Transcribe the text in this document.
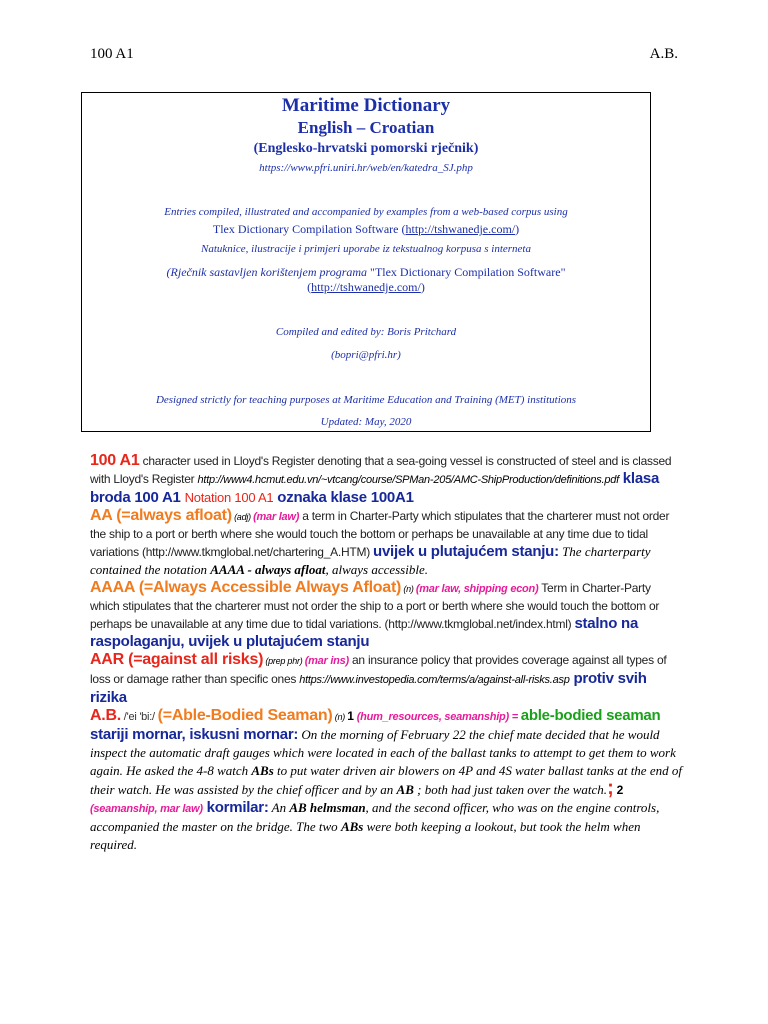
100 A1	A.B.
Maritime Dictionary
English – Croatian
(Englesko-hrvatski pomorski rječnik)
https://www.pfri.uniri.hr/web/en/katedra_SJ.php
Entries compiled, illustrated and accompanied by examples from a web-based corpus using
Tlex Dictionary Compilation Software (http://tshwanedje.com/)
Natuknice, ilustracije i primjeri uporabe iz tekstualnog korpusa s interneta
(Rječnik sastavljen korištenjem programa "Tlex Dictionary Compilation Software"
(http://tshwanedje.com/)
Compiled and edited by: Boris Pritchard
(bopri@pfri.hr)
Designed strictly for teaching purposes at Maritime Education and Training (MET) institutions
Updated: May, 2020

100 A1 character used in Lloyd's Register denoting that a sea-going vessel is constructed of steel and is classed with Lloyd's Register http://www4.hcmut.edu.vn/~vtcang/course/SPMan-205/AMC-ShipProduction/definitions.pdf klasa broda 100 A1 Notation 100 A1 oznaka klase 100A1

AA (=always afloat) (adj) (mar law) a term in Charter-Party which stipulates that the charterer must not order the ship to a port or berth where she would touch the bottom or perhaps be unavailable at any time due to tidal variations (http://www.tkmglobal.net/chartering_A.HTM) uvijek u plutajućem stanju: The charterparty contained the notation AAAA - always afloat, always accessible.

AAAA (=Always Accessible Always Afloat) (n) (mar law, shipping econ) Term in Charter-Party which stipulates that the charterer must not order the ship to a port or berth where she would touch the bottom or perhaps be unavailable at any time due to tidal variations. (http://www.tkmglobal.net/index.html) stalno na raspolaganju, uvijek u plutajućem stanju

AAR (=against all risks) (prep phr) (mar ins) an insurance policy that provides coverage against all types of loss or damage rather than specific ones https://www.investopedia.com/terms/a/against-all-risks.asp protiv svih rizika

A.B. /'ei 'bi:/ (=Able-Bodied Seaman) (n) 1 (hum_resources, seamanship) = able-bodied seaman stariji mornar, iskusni mornar: On the morning of February 22 the chief mate decided that he would inspect the automatic draft gauges which were located in each of the ballast tanks to attempt to get them to work again. He asked the 4-8 watch ABs to put water driven air blowers on 4P and 4S water ballast tanks at the end of their watch. He was assisted by the chief officer and by an AB ; both had just taken over the watch.; 2 (seamanship, mar law) kormilar: An AB helmsman, and the second officer, who was on the engine controls, accompanied the master on the bridge. The two ABs were both keeping a lookout, but took the helm when required.
